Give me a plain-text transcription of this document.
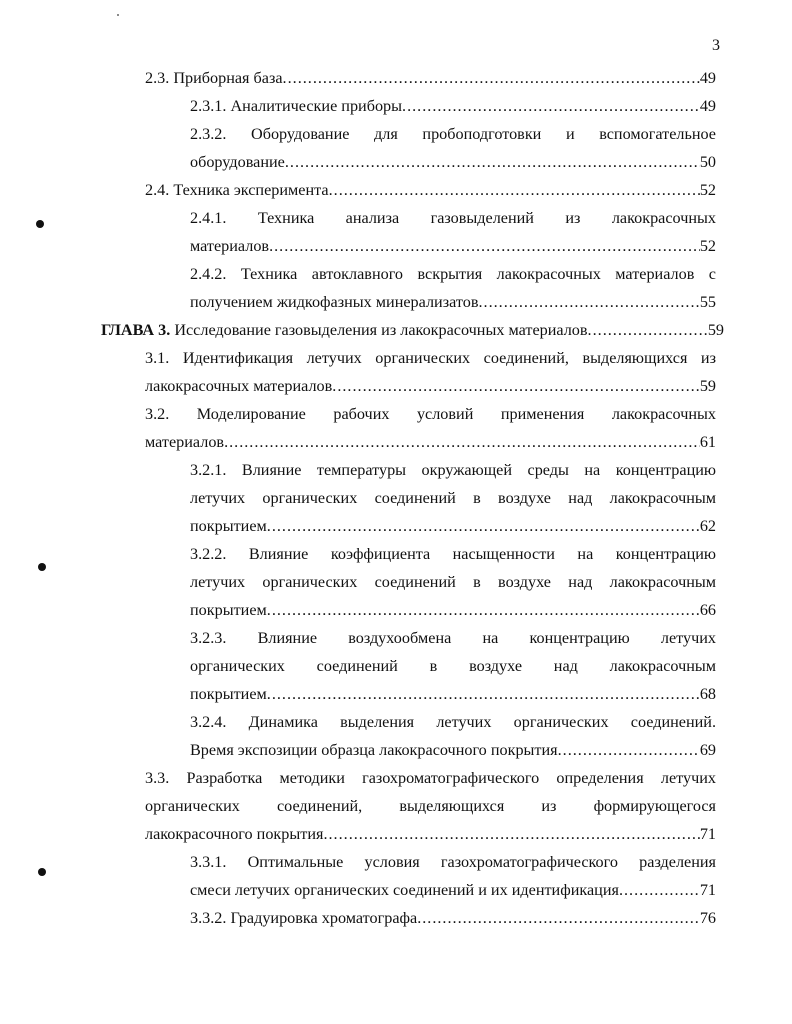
3
2.3. Приборная база .....	49
2.3.1. Аналитические приборы .....	49
2.3.2. Оборудование для пробоподготовки и вспомогательное
оборудование .....	50
2.4. Техника эксперимента .....	52
2.4.1. Техника анализа газовыделений из лакокрасочных
материалов .....	52
2.4.2. Техника автоклавного вскрытия лакокрасочных материалов с
получением жидкофазных минерализатов .....	55
ГЛАВА 3. Исследование газовыделения из лакокрасочных материалов .....	59
3.1. Идентификация летучих органических соединений, выделяющихся из
лакокрасочных материалов .....	59
3.2. Моделирование рабочих условий применения лакокрасочных
материалов .....	61
3.2.1. Влияние температуры окружающей среды на концентрацию
летучих органических соединений в воздухе над лакокрасочным
покрытием .....	62
3.2.2. Влияние коэффициента насыщенности на концентрацию
летучих органических соединений в воздухе над лакокрасочным
покрытием .....	66
3.2.3. Влияние воздухообмена на концентрацию летучих
органических соединений в воздухе над лакокрасочным
покрытием .....	68
3.2.4. Динамика выделения летучих органических соединений.
Время экспозиции образца лакокрасочного покрытия .....	69
3.3. Разработка методики газохроматографического определения летучих
органических соединений, выделяющихся из формирующегося
лакокрасочного покрытия .....	71
3.3.1. Оптимальные условия газохроматографического разделения
смеси летучих органических соединений и их идентификация .....	71
3.3.2. Градуировка хроматографа .....	76
